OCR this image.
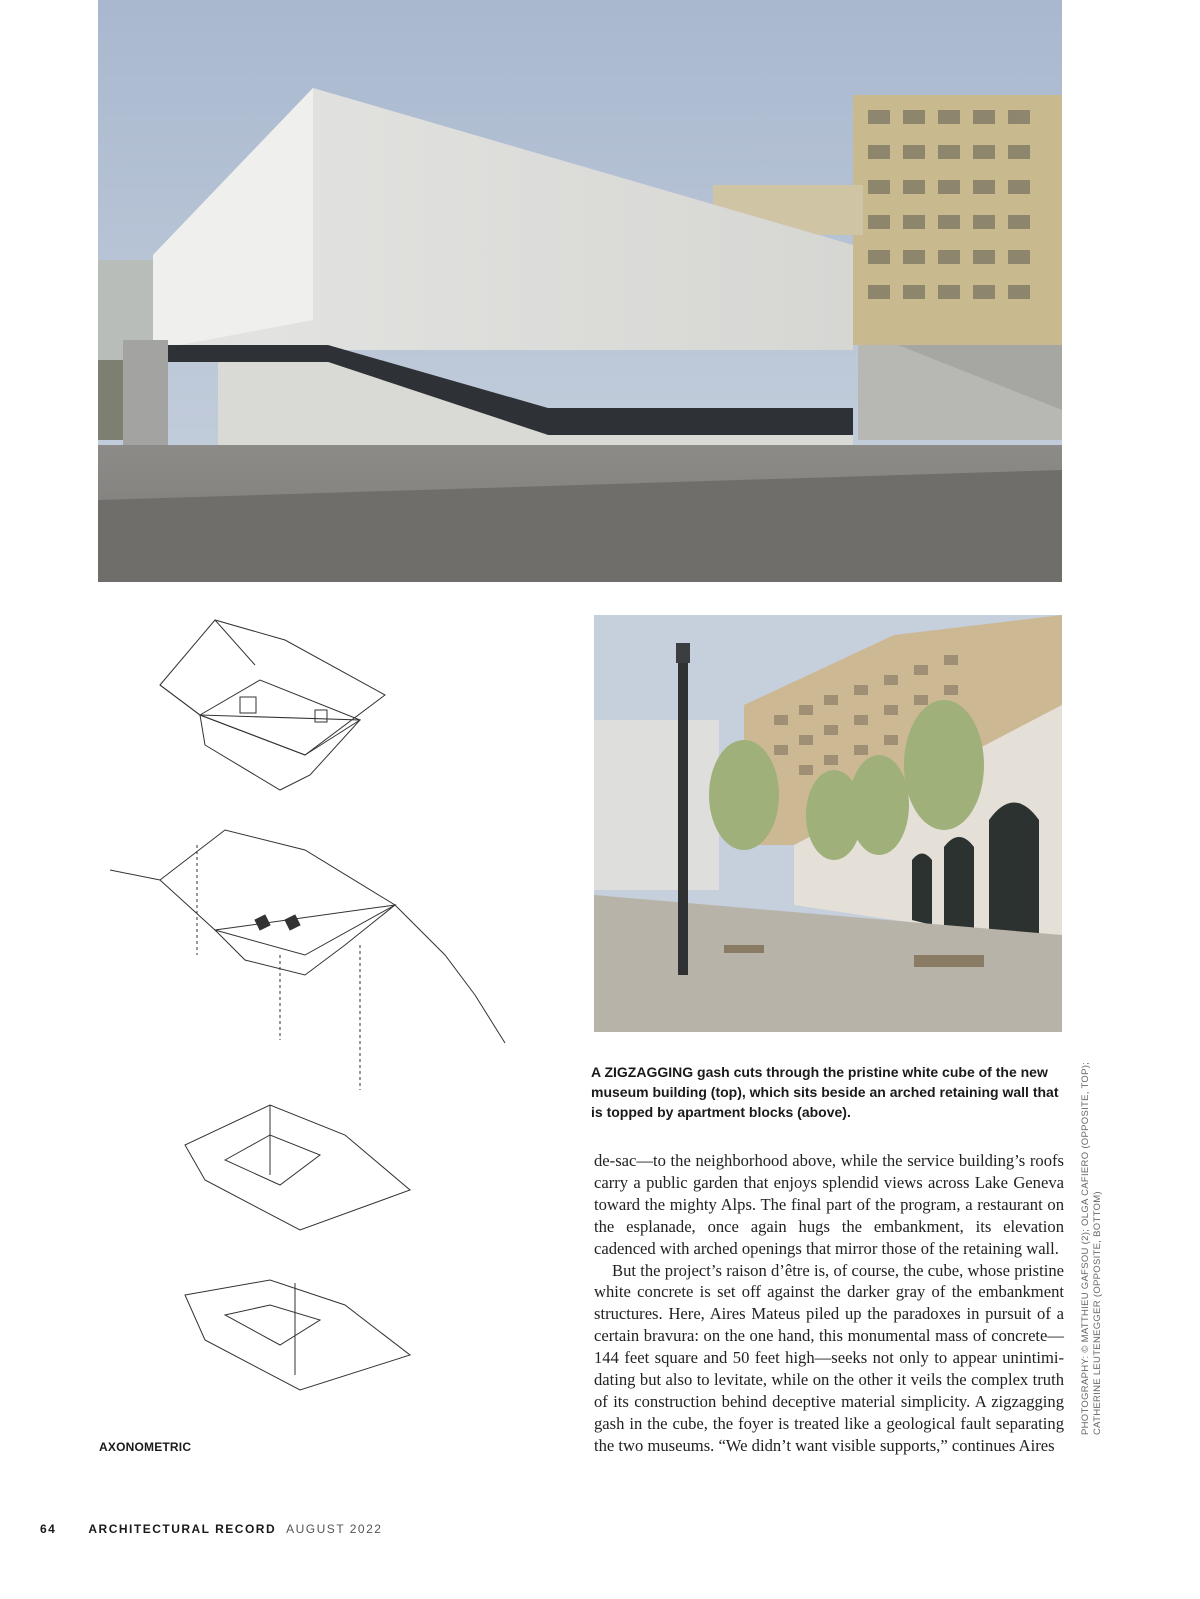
AXONOMETRIC
A ZIGZAGGING gash cuts through the pristine white cube of the new museum building (top), which sits beside an arched retaining wall that is topped by apartment blocks (above).

de-sac—to the neighborhood above, while the service building’s roofs carry a public garden that enjoys splendid views across Lake Geneva toward the mighty Alps. The final part of the program, a restaurant on the esplanade, once again hugs the embankment, its elevation cadenced with arched openings that mirror those of the retaining wall.

But the project’s raison d’être is, of course, the cube, whose pristine white concrete is set off against the darker gray of the embankment structures. Here, Aires Mateus piled up the paradoxes in pursuit of a certain bravura: on the one hand, this monumental mass of concrete—144 feet square and 50 feet high—seeks not only to appear unintimi-dating but also to levitate, while on the other it veils the complex truth of its construction behind deceptive material simplicity. A zigzagging gash in the cube, the foyer is treated like a geological fault separating the two museums. “We didn’t want visible supports,” continues Aires

PHOTOGRAPHY: © MATTHIEU GAFSOU (2); OLGA CAFIERO (OPPOSITE, TOP); CATHERINE LEUTENEGGER (OPPOSITE, BOTTOM)
64	ARCHITECTURAL RECORD AUGUST 2022
